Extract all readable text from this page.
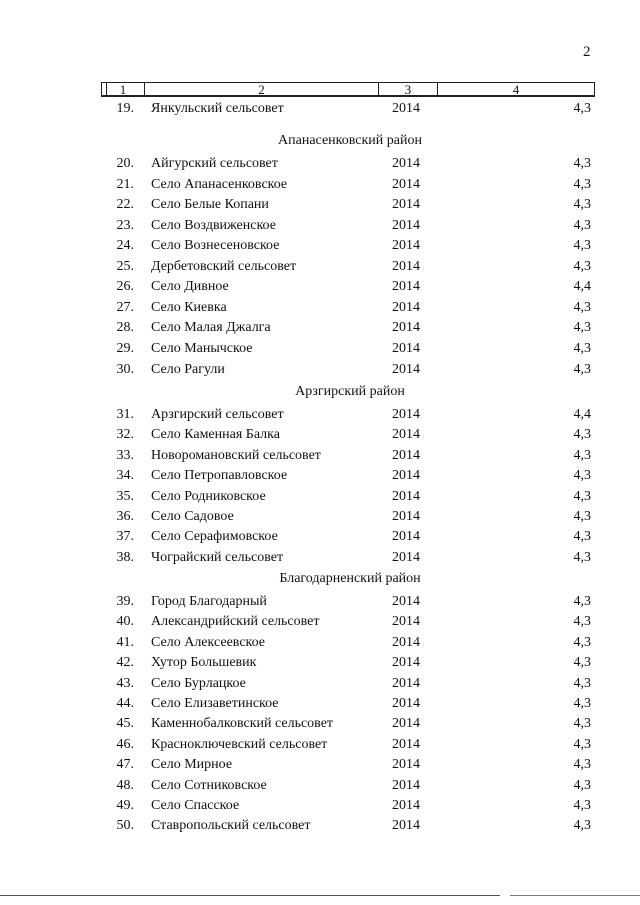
2
1	2	3	4
19. Янкульский сельсовет	2014	4,3
Апанасенковский район
20. Айгурский сельсовет	2014	4,3
21. Село Апанасенковское	2014	4,3
22. Село Белые Копани	2014	4,3
23. Село Воздвиженское	2014	4,3
24. Село Вознесеновское	2014	4,3
25. Дербетовский сельсовет	2014	4,3
26. Село Дивное	2014	4,4
27. Село Киевка	2014	4,3
28. Село Малая Джалга	2014	4,3
29. Село Манычское	2014	4,3
30. Село Рагули	2014	4,3
Арзгирский район
31. Арзгирский сельсовет	2014	4,4
32. Село Каменная Балка	2014	4,3
33. Новоромановский сельсовет	2014	4,3
34. Село Петропавловское	2014	4,3
35. Село Родниковское	2014	4,3
36. Село Садовое	2014	4,3
37. Село Серафимовское	2014	4,3
38. Чограйский сельсовет	2014	4,3
Благодарненский район
39. Город Благодарный	2014	4,3
40. Александрийский сельсовет	2014	4,3
41. Село Алексеевское	2014	4,3
42. Хутор Большевик	2014	4,3
43. Село Бурлацкое	2014	4,3
44. Село Елизаветинское	2014	4,3
45. Каменнобалковский сельсовет	2014	4,3
46. Красноключевский сельсовет	2014	4,3
47. Село Мирное	2014	4,3
48. Село Сотниковское	2014	4,3
49. Село Спасское	2014	4,3
50. Ставропольский сельсовет	2014	4,3
